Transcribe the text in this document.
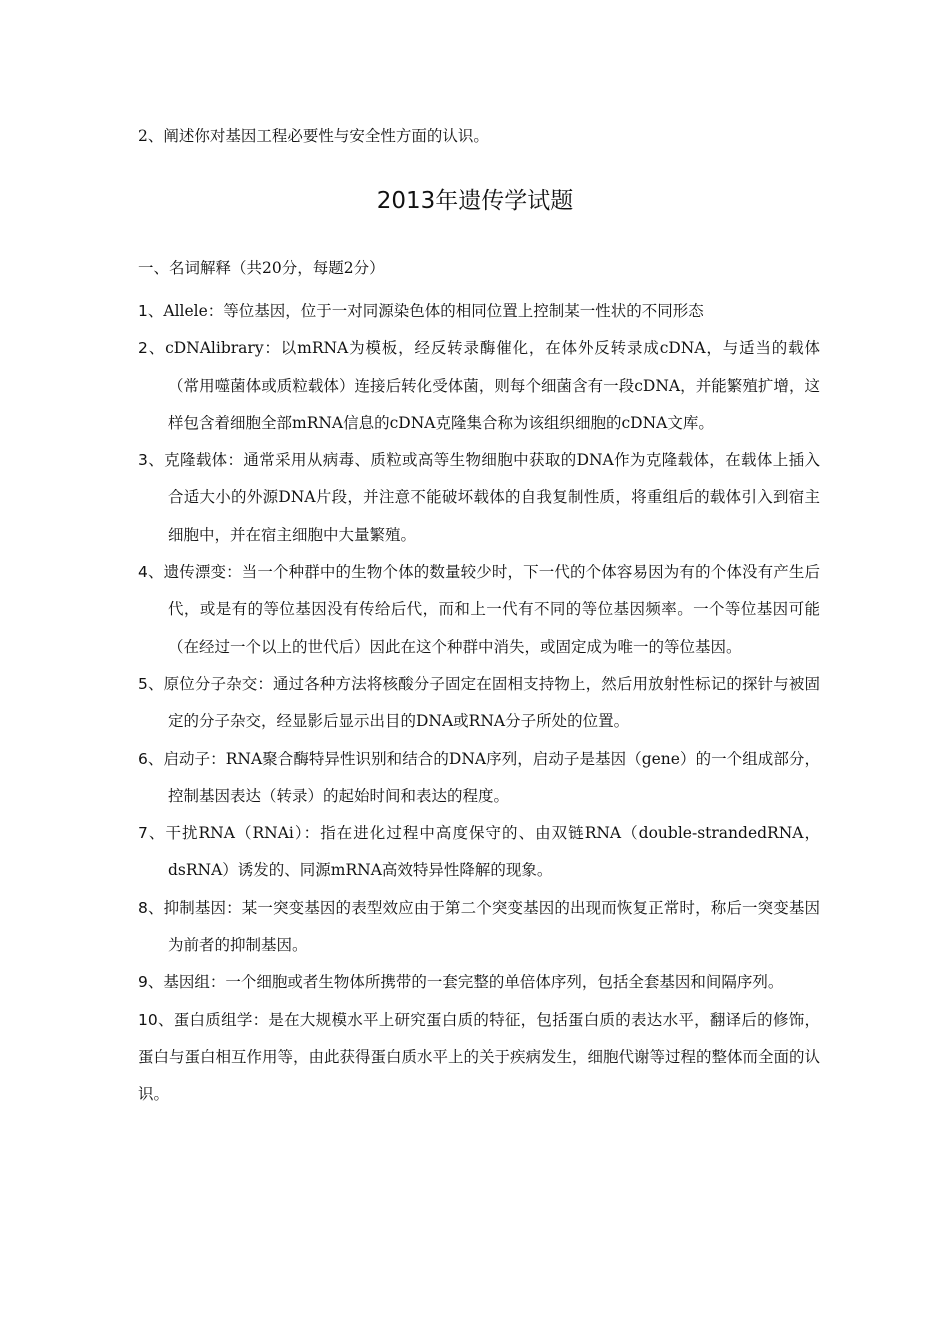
2、阐述你对基因工程必要性与安全性方面的认识。

2013年遗传学试题

一、名词解释（共20分，每题2分）

1、Allele：等位基因，位于一对同源染色体的相同位置上控制某一性状的不同形态
2、cDNAlibrary：以mRNA为模板，经反转录酶催化，在体外反转录成cDNA，与适当的载体（常用噬菌体或质粒载体）连接后转化受体菌，则每个细菌含有一段cDNA，并能繁殖扩增，这样包含着细胞全部mRNA信息的cDNA克隆集合称为该组织细胞的cDNA文库。
3、克隆载体：通常采用从病毒、质粒或高等生物细胞中获取的DNA作为克隆载体，在载体上插入合适大小的外源DNA片段，并注意不能破坏载体的自我复制性质，将重组后的载体引入到宿主细胞中，并在宿主细胞中大量繁殖。
4、遗传漂变：当一个种群中的生物个体的数量较少时，下一代的个体容易因为有的个体没有产生后代，或是有的等位基因没有传给后代，而和上一代有不同的等位基因频率。一个等位基因可能（在经过一个以上的世代后）因此在这个种群中消失，或固定成为唯一的等位基因。
5、原位分子杂交：通过各种方法将核酸分子固定在固相支持物上，然后用放射性标记的探针与被固定的分子杂交，经显影后显示出目的DNA或RNA分子所处的位置。
6、启动子：RNA聚合酶特异性识别和结合的DNA序列，启动子是基因（gene）的一个组成部分，控制基因表达（转录）的起始时间和表达的程度。
7、干扰RNA（RNAi）：指在进化过程中高度保守的、由双链RNA（double-strandedRNA，dsRNA）诱发的、同源mRNA高效特异性降解的现象。
8、抑制基因：某一突变基因的表型效应由于第二个突变基因的出现而恢复正常时，称后一突变基因为前者的抑制基因。
9、基因组：一个细胞或者生物体所携带的一套完整的单倍体序列，包括全套基因和间隔序列。
10、蛋白质组学：是在大规模水平上研究蛋白质的特征，包括蛋白质的表达水平，翻译后的修饰，蛋白与蛋白相互作用等，由此获得蛋白质水平上的关于疾病发生，细胞代谢等过程的整体而全面的认识。
